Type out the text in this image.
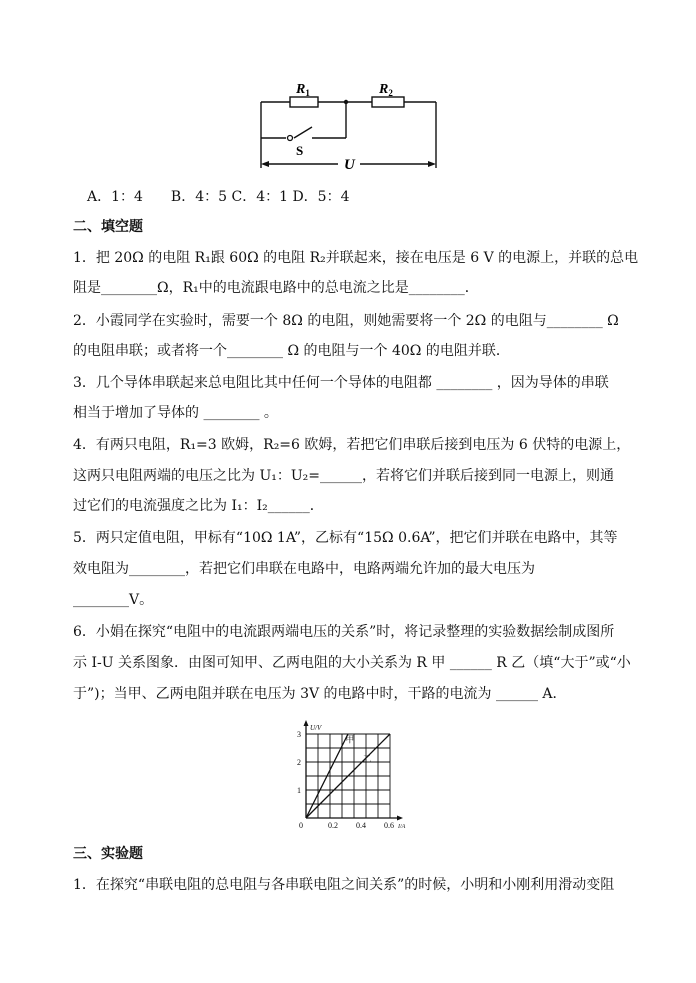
$R_1$	$R_2$
S
U
A．1：4　　B．4：5 C．4：1 D．5：4
二、填空题
1．把 20Ω 的电阻 R₁跟 60Ω 的电阻 R₂并联起来，接在电压是 6 V 的电源上，并联的总电
阻是________Ω，R₁中的电流跟电路中的总电流之比是________．
2．小霞同学在实验时，需要一个 8Ω 的电阻，则她需要将一个 2Ω 的电阻与________ Ω
的电阻串联；或者将一个________ Ω 的电阻与一个 40Ω 的电阻并联．
3．几个导体串联起来总电阻比其中任何一个导体的电阻都 ________ ，因为导体的串联
相当于增加了导体的 ________ 。
4．有两只电阻，R₁=3 欧姆，R₂=6 欧姆，若把它们串联后接到电压为 6 伏特的电源上，
这两只电阻两端的电压之比为 U₁：U₂=______，若将它们并联后接到同一电源上，则通
过它们的电流强度之比为 I₁：I₂______．
5．两只定值电阻，甲标有“10Ω 1A”，乙标有“15Ω 0.6A”，把它们并联在电路中，其等
效电阻为________，若把它们串联在电路中，电路两端允许加的最大电压为
________V。
6．小娟在探究“电阻中的电流跟两端电压的关系”时，将记录整理的实验数据绘制成图所
示 I-U 关系图象．由图可知甲、乙两电阻的大小关系为 R 甲 ______ R 乙（填“大于”或“小
于”)；当甲、乙两电阻并联在电压为 3V 的电路中时，干路的电流为 ______ A．
甲
乙
1
2
3
0.2 0.4 0.6
0
U/V
I/A
三、实验题
1．在探究“串联电阻的总电阻与各串联电阻之间关系”的时候，小明和小刚利用滑动变阻
